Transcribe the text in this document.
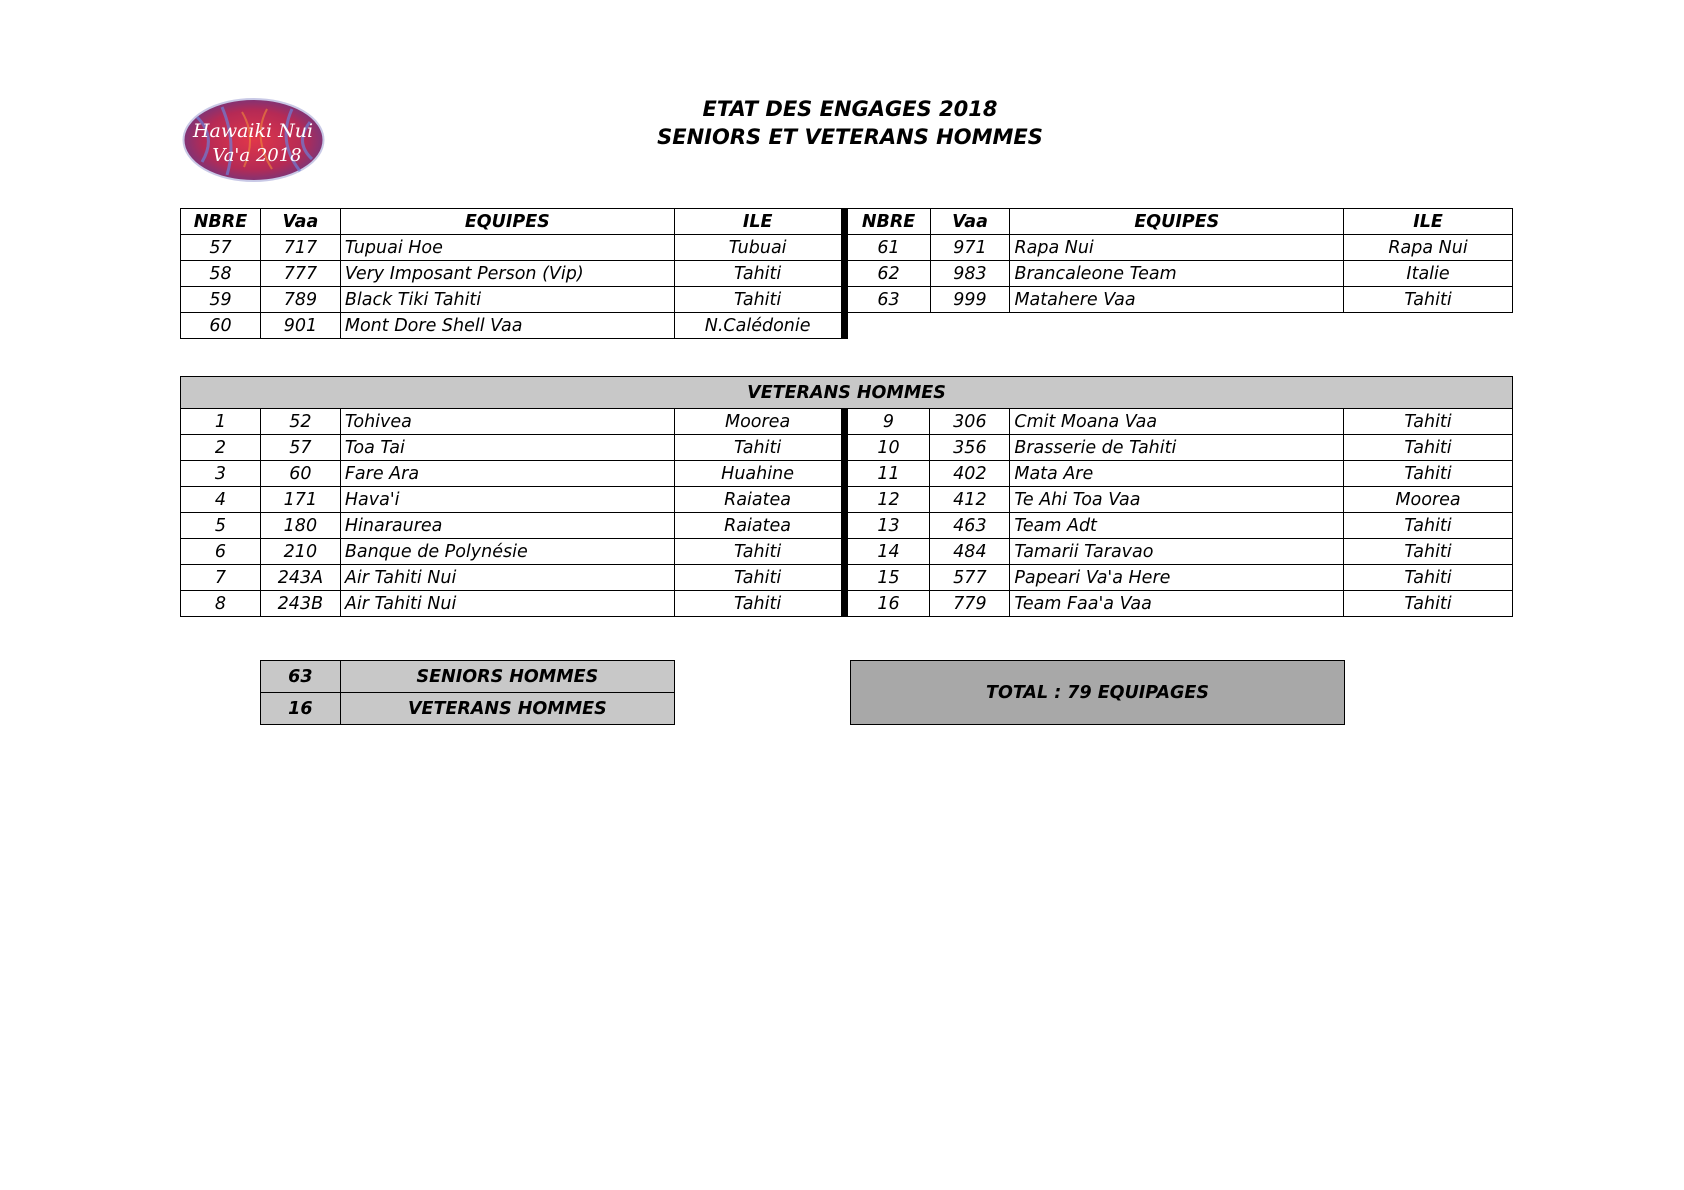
Hawaiki Nui
Va'a 2018
ETAT DES ENGAGES 2018
SENIORS ET VETERANS HOMMES
NBRE	Vaa	EQUIPES	ILE	NBRE	Vaa	EQUIPES	ILE
57	717	Tupuai Hoe	Tubuai	61	971	Rapa Nui	Rapa Nui
58	777	Very Imposant Person (Vip)	Tahiti	62	983	Brancaleone Team	Italie
59	789	Black Tiki Tahiti	Tahiti	63	999	Matahere Vaa	Tahiti
60	901	Mont Dore Shell Vaa	N.Calédonie				
VETERANS HOMMES							
1	52	Tohivea	Moorea	9	306	Cmit Moana Vaa	Tahiti
2	57	Toa Tai	Tahiti	10	356	Brasserie de Tahiti	Tahiti
3	60	Fare Ara	Huahine	11	402	Mata Are	Tahiti
4	171	Hava'i	Raiatea	12	412	Te Ahi Toa Vaa	Moorea
5	180	Hinaraurea	Raiatea	13	463	Team Adt	Tahiti
6	210	Banque de Polynésie	Tahiti	14	484	Tamarii Taravao	Tahiti
7	243A	Air Tahiti Nui	Tahiti	15	577	Papeari Va'a Here	Tahiti
8	243B	Air Tahiti Nui	Tahiti	16	779	Team Faa'a Vaa	Tahiti
63	SENIORS HOMMES
16	VETERANS HOMMES
TOTAL : 79 EQUIPAGES
